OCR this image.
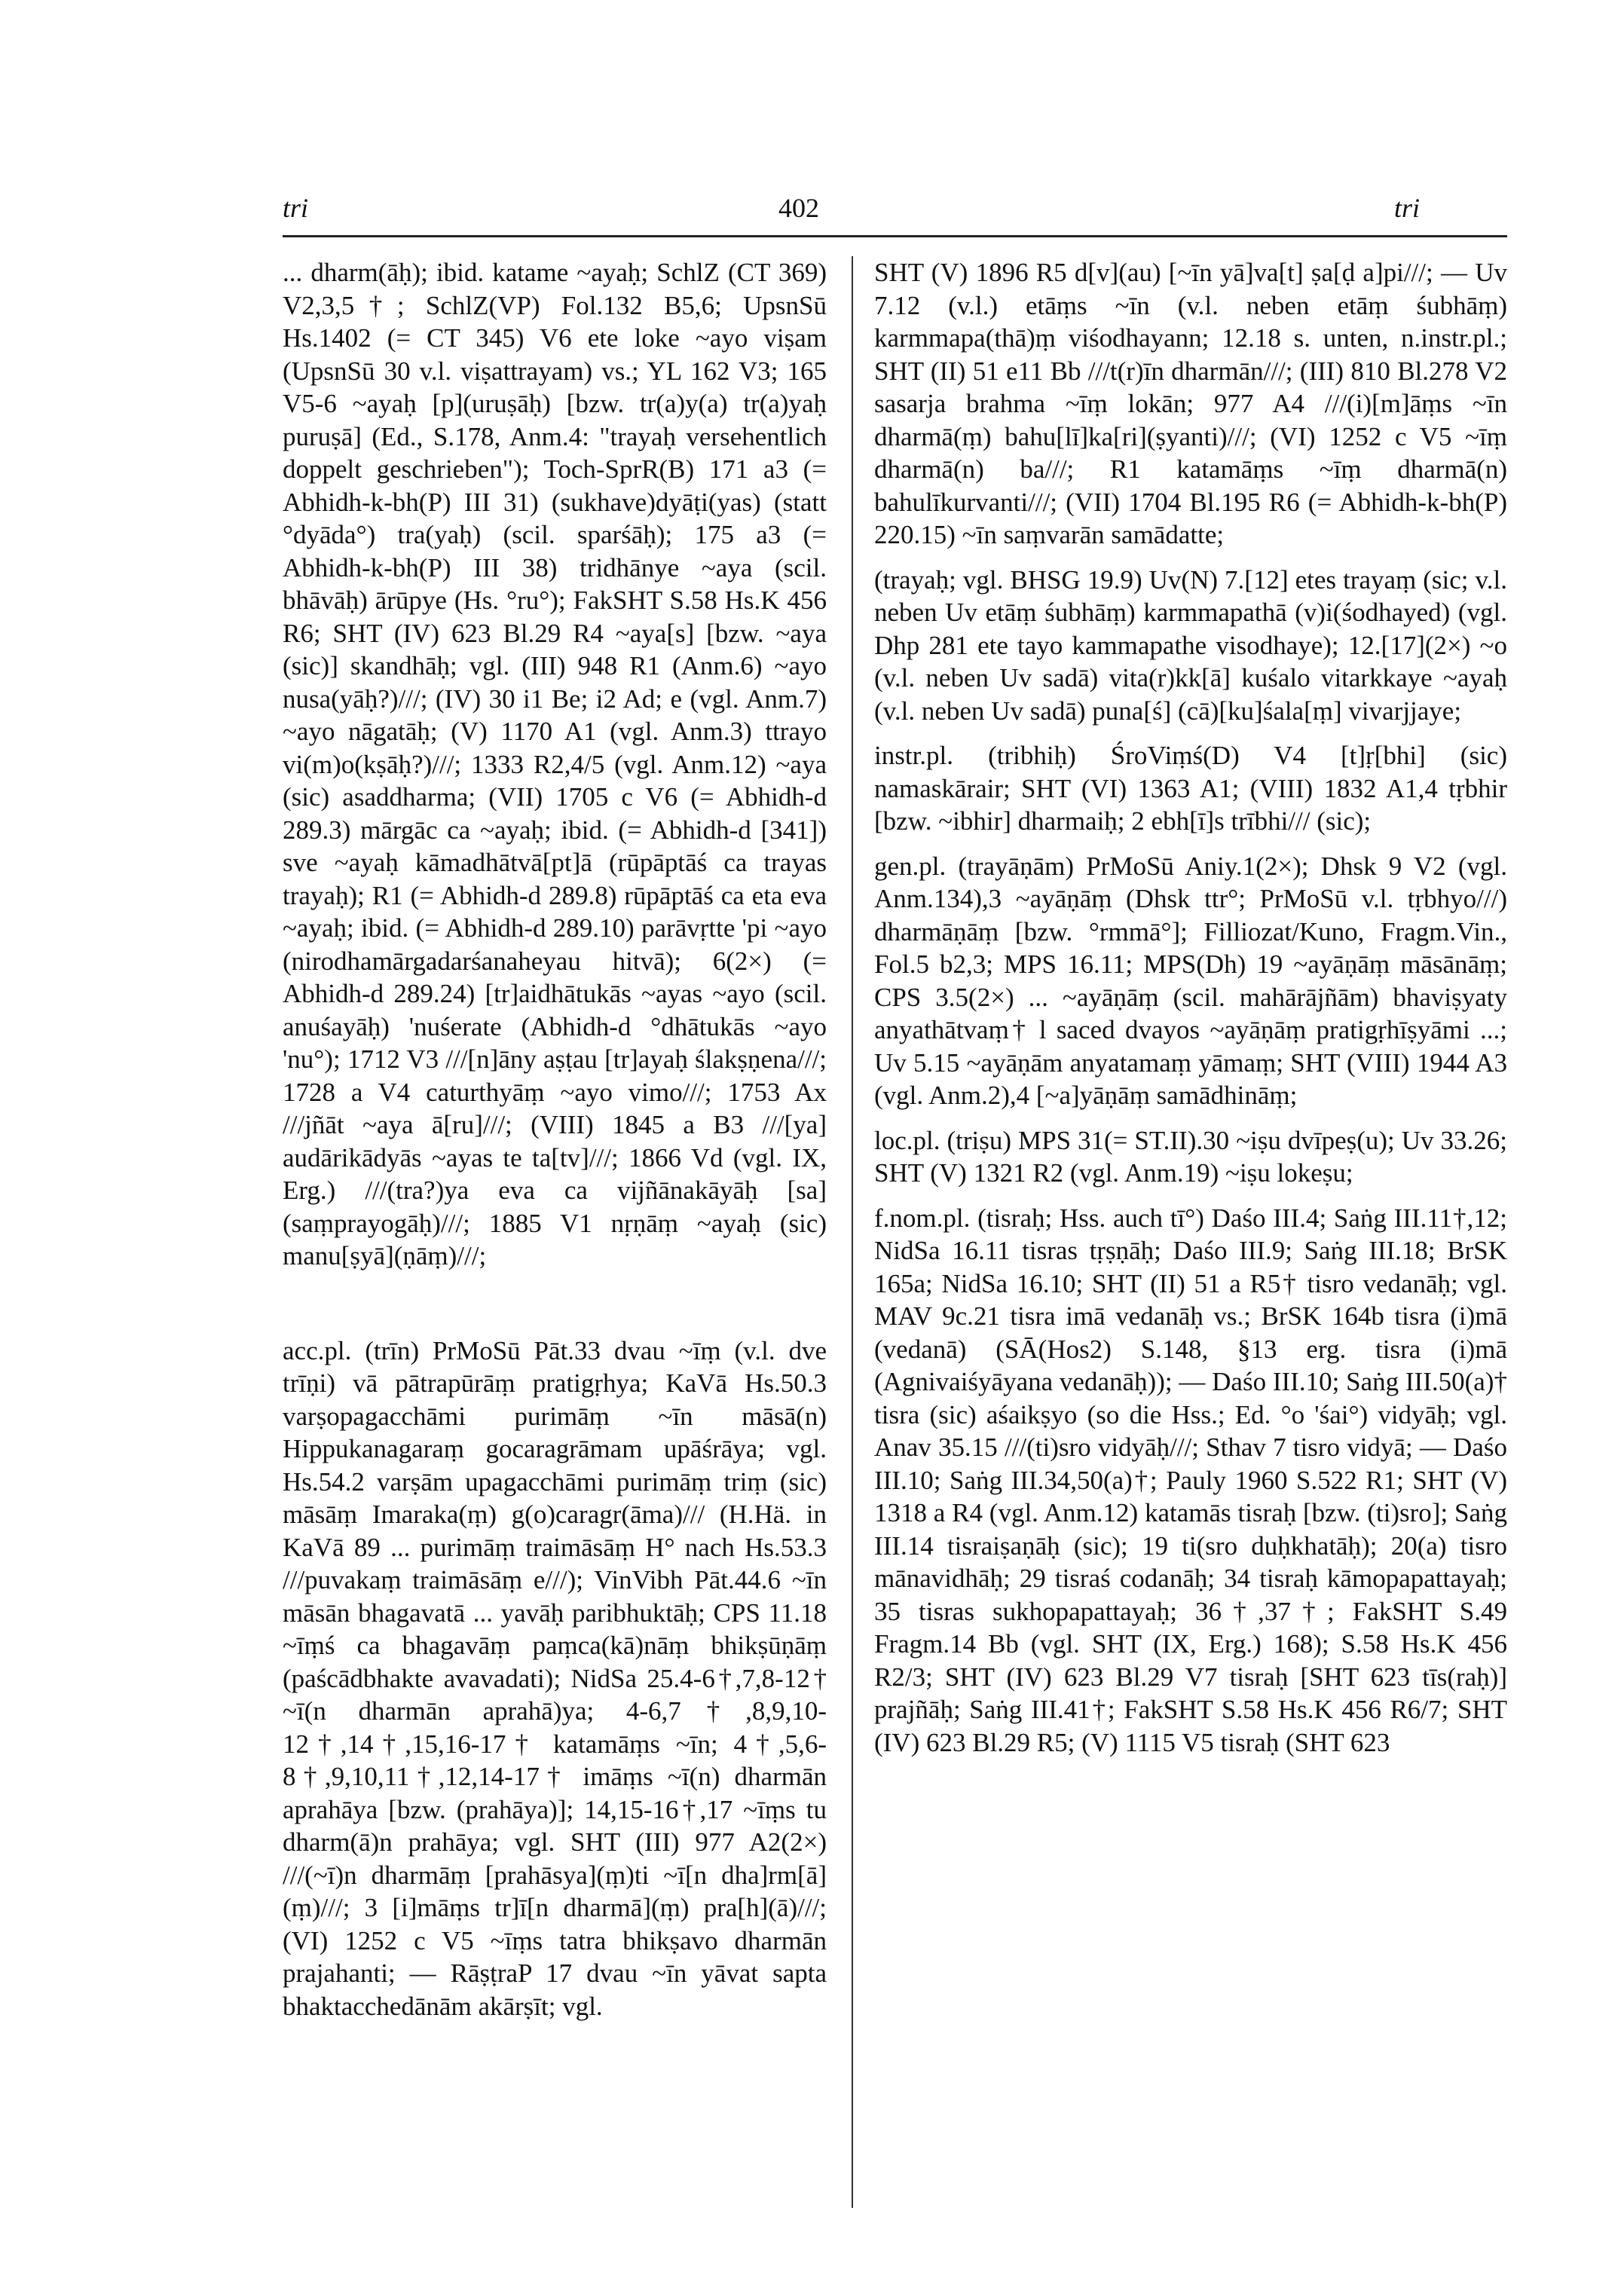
tri	402	tri

... dharm(āḥ); ibid. katame ~ayaḥ; SchlZ (CT 369) V2,3,5†; SchlZ(VP) Fol.132 B5,6; UpsnSū Hs.1402 (= CT 345) V6 ete loke ~ayo viṣam (UpsnSū 30 v.l. viṣattrayam) vs.; YL 162 V3; 165 V5-6 ~ayaḥ [p](uruṣāḥ) [bzw. tr(a)y(a) tr(a)yaḥ puruṣā] (Ed., S.178, Anm.4: "trayaḥ versehentlich doppelt geschrieben"); Toch-SprR(B) 171 a3 (= Abhidh-k-bh(P) III 31) (sukhave)dyāṭi(yas) (statt °dyāda°) tra(yaḥ) (scil. sparśāḥ); 175 a3 (= Abhidh-k-bh(P) III 38) tridhānye ~aya (scil. bhāvāḥ) ārūpye (Hs. °ru°); FakSHT S.58 Hs.K 456 R6; SHT (IV) 623 Bl.29 R4 ~aya[s] [bzw. ~aya (sic)] skandhāḥ; vgl. (III) 948 R1 (Anm.6) ~ayo nusa(yāḥ?)///; (IV) 30 i1 Be; i2 Ad; e (vgl. Anm.7) ~ayo nāgatāḥ; (V) 1170 A1 (vgl. Anm.3) ttrayo vi(m)o(kṣāḥ?)///; 1333 R2,4/5 (vgl. Anm.12) ~aya (sic) asaddharma; (VII) 1705 c V6 (= Abhidh-d 289.3) mārgāc ca ~ayaḥ; ibid. (= Abhidh-d [341]) sve ~ayaḥ kāmadhātvā[pt]ā (rūpāptāś ca trayas trayaḥ); R1 (= Abhidh-d 289.8) rūpāptāś ca eta eva ~ayaḥ; ibid. (= Abhidh-d 289.10) parāvṛtte 'pi ~ayo (nirodhamārgadarśanaheyau hitvā); 6(2×) (= Abhidh-d 289.24) [tr]aidhātukās ~ayas ~ayo (scil. anuśayāḥ) 'nuśerate (Abhidh-d °dhātukās ~ayo 'nu°); 1712 V3 ///[n]āny aṣṭau [tr]ayaḥ ślakṣṇena///; 1728 a V4 caturthyāṃ ~ayo vimo///; 1753 Ax ///jñāt ~aya ā[ru]///; (VIII) 1845 a B3 ///[ya] audārikādyās ~ayas te ta[tv]///; 1866 Vd (vgl. IX, Erg.) ///(tra?)ya eva ca vijñānakāyāḥ [sa](saṃprayogāḥ)///; 1885 V1 nṛṇāṃ ~ayaḥ (sic) manu[ṣyā](ṇāṃ)///;

acc.pl. (trīn) PrMoSū Pāt.33 dvau ~īṃ (v.l. dve trīṇi) vā pātrapūrāṃ pratigṛhya; KaVā Hs.50.3 varṣopagacchāmi purimāṃ ~īn māsā(n) Hippukanagaraṃ gocaragrāmam upāśrāya; vgl. Hs.54.2 varṣām upagacchāmi purimāṃ triṃ (sic) māsāṃ Imaraka(ṃ) g(o)caragr(āma)/// (H.Hä. in KaVā 89 ... purimāṃ traimāsāṃ H° nach Hs.53.3 ///puvakaṃ traimāsāṃ e///); VinVibh Pāt.44.6 ~īn māsān bhagavatā ... yavāḥ paribhuktāḥ; CPS 11.18 ~īṃś ca bhagavāṃ paṃca(kā)nāṃ bhikṣūṇāṃ (paścādbhakte avavadati); NidSa 25.4-6†,7,8-12† ~ī(n dharmān aprahā)ya; 4-6,7†,8,9,10-12†,14†,15,16-17† katamāṃs ~īn; 4†,5,6-8†,9,10,11†,12,14-17† imāṃs ~ī(n) dharmān aprahāya [bzw. (prahāya)]; 14,15-16†,17 ~īṃs tu dharm(ā)n prahāya; vgl. SHT (III) 977 A2(2×) ///(~ī)n dharmāṃ [prahāsya](ṃ)ti ~ī[n dha]rm[ā](ṃ)///; 3 [i]māṃs tr]ī[n dharmā](ṃ) pra[h](ā)///; (VI) 1252 c V5 ~īṃs tatra bhikṣavo dharmān prajahanti; — RāṣṭraP 17 dvau ~īn yāvat sapta bhaktacchedānām akārṣīt; vgl.

SHT (V) 1896 R5 d[v](au) [~īn yā]va[t] ṣa[ḍ a]pi///; — Uv 7.12 (v.l.) etāṃs ~īn (v.l. neben etāṃ śubhāṃ) karmmapa(thā)ṃ viśodhayann; 12.18 s. unten, n.instr.pl.; SHT (II) 51 e11 Bb ///t(r)īn dharmān///; (III) 810 Bl.278 V2 sasarja brahma ~īṃ lokān; 977 A4 ///(i)[m]āṃs ~īn dharmā(ṃ) bahu[lī]ka[ri](ṣyanti)///; (VI) 1252 c V5 ~īṃ dharmā(n) ba///; R1 katamāṃs ~īṃ dharmā(n) bahulīkurvanti///; (VII) 1704 Bl.195 R6 (= Abhidh-k-bh(P) 220.15) ~īn saṃvarān samādatte;

(trayaḥ; vgl. BHSG 19.9) Uv(N) 7.[12] etes trayaṃ (sic; v.l. neben Uv etāṃ śubhāṃ) karmmapathā (v)i(śodhayed) (vgl. Dhp 281 ete tayo kammapathe visodhaye); 12.[17](2×) ~o (v.l. neben Uv sadā) vita(r)kk[ā] kuśalo vitarkkaye ~ayaḥ (v.l. neben Uv sadā) puna[ś] (cā)[ku]śala[ṃ] vivarjjaye;

instr.pl. (tribhiḥ) ŚroViṃś(D) V4 [t]ṛ[bhi] (sic) namaskārair; SHT (VI) 1363 A1; (VIII) 1832 A1,4 tṛbhir [bzw. ~ibhir] dharmaiḥ; 2 ebh[ī]s trībhi/// (sic);

gen.pl. (trayāṇām) PrMoSū Aniy.1(2×); Dhsk 9 V2 (vgl. Anm.134),3 ~ayāṇāṃ (Dhsk ttr°; PrMoSū v.l. tṛbhyo///) dharmāṇāṃ [bzw. °rmmā°]; Filliozat/Kuno, Fragm.Vin., Fol.5 b2,3; MPS 16.11; MPS(Dh) 19 ~ayāṇāṃ māsānāṃ; CPS 3.5(2×) ... ~ayāṇāṃ (scil. mahārājñām) bhaviṣyaty anyathātvaṃ† l saced dvayos ~ayāṇāṃ pratigṛhīṣyāmi ...; Uv 5.15 ~ayāṇām anyatamaṃ yāmaṃ; SHT (VIII) 1944 A3 (vgl. Anm.2),4 [~a]yāṇāṃ samādhināṃ;

loc.pl. (triṣu) MPS 31(= ST.II).30 ~iṣu dvīpeṣ(u); Uv 33.26; SHT (V) 1321 R2 (vgl. Anm.19) ~iṣu lokeṣu;

f.nom.pl. (tisraḥ; Hss. auch tī°) Daśo III.4; Saṅg III.11†,12; NidSa 16.11 tisras tṛṣṇāḥ; Daśo III.9; Saṅg III.18; BrSK 165a; NidSa 16.10; SHT (II) 51 a R5† tisro vedanāḥ; vgl. MAV 9c.21 tisra imā vedanāḥ vs.; BrSK 164b tisra (i)mā (vedanā) (SĀ(Hos2) S.148, §13 erg. tisra (i)mā (Agnivaiśyāyana vedanāḥ)); — Daśo III.10; Saṅg III.50(a)† tisra (sic) aśaikṣyo (so die Hss.; Ed. °o 'śai°) vidyāḥ; vgl. Anav 35.15 ///(ti)sro vidyāḥ///; Sthav 7 tisro vidyā; — Daśo III.10; Saṅg III.34,50(a)†; Pauly 1960 S.522 R1; SHT (V) 1318 a R4 (vgl. Anm.12) katamās tisraḥ [bzw. (ti)sro]; Saṅg III.14 tisraiṣaṇāḥ (sic); 19 ti(sro duḥkhatāḥ); 20(a) tisro mānavidhāḥ; 29 tisraś codanāḥ; 34 tisraḥ kāmopapattayaḥ; 35 tisras sukhopapattayaḥ; 36†,37†; FakSHT S.49 Fragm.14 Bb (vgl. SHT (IX, Erg.) 168); S.58 Hs.K 456 R2/3; SHT (IV) 623 Bl.29 V7 tisraḥ [SHT 623 tīs(raḥ)] prajñāḥ; Saṅg III.41†; FakSHT S.58 Hs.K 456 R6/7; SHT (IV) 623 Bl.29 R5; (V) 1115 V5 tisraḥ (SHT 623
